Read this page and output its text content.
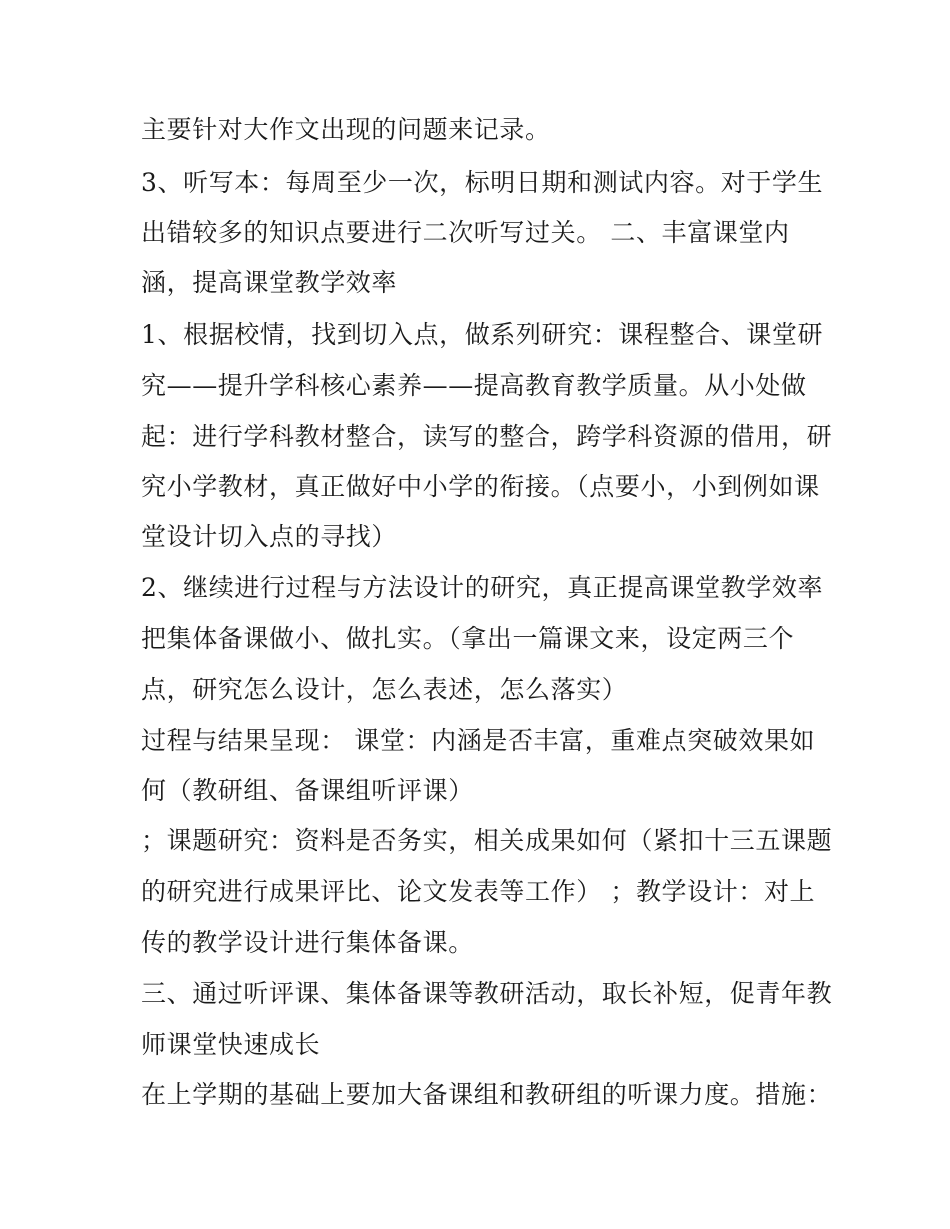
主要针对大作文出现的问题来记录。
3、听写本：每周至少一次，标明日期和测试内容。对于学生
出错较多的知识点要进行二次听写过关。 二、丰富课堂内
涵，提高课堂教学效率
1、根据校情，找到切入点，做系列研究：课程整合、课堂研
究——提升学科核心素养——提高教育教学质量。从小处做
起：进行学科教材整合，读写的整合，跨学科资源的借用，研
究小学教材，真正做好中小学的衔接。（点要小，小到例如课
堂设计切入点的寻找）
2、继续进行过程与方法设计的研究，真正提高课堂教学效率
把集体备课做小、做扎实。（拿出一篇课文来，设定两三个
点，研究怎么设计，怎么表述，怎么落实）
过程与结果呈现： 课堂：内涵是否丰富，重难点突破效果如
何（教研组、备课组听评课）
；课题研究：资料是否务实，相关成果如何（紧扣十三五课题
的研究进行成果评比、论文发表等工作） ；教学设计：对上
传的教学设计进行集体备课。
三、通过听评课、集体备课等教研活动，取长补短，促青年教
师课堂快速成长
在上学期的基础上要加大备课组和教研组的听课力度。措施：
